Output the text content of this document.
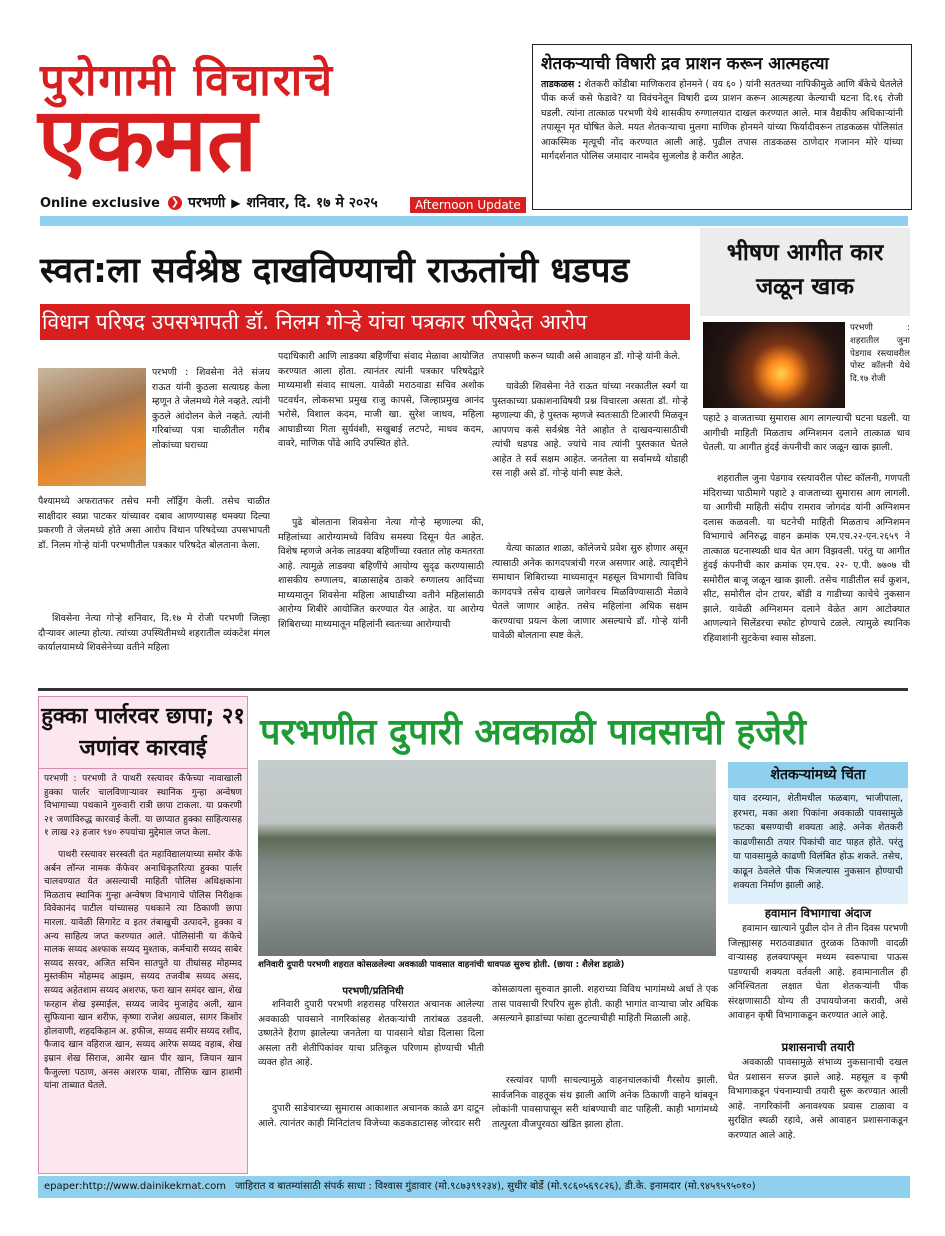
पुरोगामी विचाराचे
एकमत
Online exclusive ❯ परभणी ▶ शनिवार, दि. १७ मे २०२५	Afternoon Update
शेतकऱ्याची विषारी द्रव प्राशन करून आत्महत्या

ताडकळस : शेतकरी कोंडीबा माणिकराव होनमने ( वय ६० ) यांनी सततच्या नापिकीमुळे आणि बँकेचे घेतलेले पीक कर्ज कसे फेडावे? या विवंचनेतून विषारी द्रव्य प्राशन करून आत्महत्या केल्याची घटना दि.१६ रोजी घडली. त्यांना तात्काळ परभणी येथे शासकीय रुग्णालयात दाखल करण्यात आले. मात्र वैद्यकीय अधिकाऱ्यांनी तपासून मृत घोषित केले. मयत शेतकऱ्याचा मुलगा माणिक होनमने यांच्या फिर्यादीवरून ताडकळस पोलिसांत आकस्मिक मृत्यूची नोंद करण्यात आली आहे. पुढील तपास ताडकळस ठाणेदार गजानन मोरे यांच्या मार्गदर्शनात पोलिस जमादार नामदेव सुजलोड हे करीत आहेत.

स्वत:ला सर्वश्रेष्ठ दाखविण्याची राऊतांची धडपड
विधान परिषद उपसभापती डॉ. निलम गोऱ्हे यांचा पत्रकार परिषदेत आरोप
परभणी : शिवसेना नेते संजय राऊत यांनी कुठला सत्याग्रह केला म्हणून ते जेलमध्ये गेले नव्हते. त्यांनी कुठले आंदोलन केले नव्हते. त्यांनी गरिबांच्या पत्रा चाळीतील गरीब लोकांच्या घराच्या
पैश्यामध्ये अफरातफर तसेच मनी लॉड्रिंग केली. तसेच चाळीत साक्षीदार स्वप्ना पाटकर यांच्यावर दबाव आणण्यासह धमक्या दिल्या प्रकरणी ते जेलमध्ये होते असा आरोप विधान परिषदेच्या उपसभापती डॉ. निलम गोऱ्हे यांनी परभणीतील पत्रकार परिषदेत बोलताना केला.
शिवसेना नेत्या गोऱ्हे शनिवार, दि.१७ मे रोजी परभणी जिल्हा दौऱ्यावर आल्या होत्या. त्यांच्या उपस्थितीमध्ये शहरातील व्यंकटेश मंगल कार्यालयामध्ये शिवसेनेच्या वतीने महिला
पदाधिकारी आणि लाडक्या बहिणींचा संवाद मेळावा आयोजित करण्यात आला होता. त्यानंतर त्यांनी पत्रकार परिषदेद्वारे माध्यमाशी संवाद साधला. यावेळी मराठवाडा सचिव अशोक पटवर्धन, लोकसभा प्रमुख राजु कापसे, जिल्हाप्रमुख आनंद भरोसे, विशाल कदम, माजी खा. सुरेश जाधव, महिला आघाडीच्या गिता सुर्यवंशी, सखुबाई लटपटे, माधव कदम, वावरे, माणिक पोंढे आदि उपस्थित होते.
पुढे बोलताना शिवसेना नेत्या गोऱ्हे म्हणाल्या की, महिलांच्या आरोग्यामध्ये विविध समस्या दिसून येत आहेत. विशेष म्हणजे अनेक लाडक्या बहिणींच्या रक्तात लोह कमतरता आहे. त्यामुळे लाडक्या बहिणींचे आयोग्य सुदृढ करण्यासाठी शासकीय रुग्णालय, बाळासाहेब ठाकरे रुग्णालय आदिंच्या माध्यमातून शिवसेना महिला आघाडीच्या वतीने महिलांसाठी आरोग्य शिबीरे आयोजित करण्यात येत आहेत. या आरोग्य शिबिराच्या माध्यमातून महिलांनी स्वतःच्या आरोग्याची
तपासणी करून घ्यावी असे आवाहन डॉ. गोऱ्हे यांनी केले.
यावेळी शिवसेना नेते राऊत यांच्या नरकातील स्वर्ग या पुस्तकाच्या प्रकाशनाविषयी प्रश्न विचारला असता डॉ. गोऱ्हे म्हणाल्या की, हे पुस्तक म्हणजे स्वतःसाठी टिआरपी मिळवून आपणच कसे सर्वश्रेष्ठ नेते आहोत ते दाखवन्यासाठीची त्यांची धडपड आहे. ज्यांचे नाव त्यांनी पुस्तकात घेतले आहेत ते सर्व सक्षम आहेत. जनतेला या सर्वामध्ये थोडाही रस नाही असे डॉ. गोऱ्हे यांनी स्पष्ट केले.
येत्या काळात शाळा, कॉलेजचे प्रवेश सुरु होणार असून त्यासाठी अनेक कागदपत्रांची गरज असणार आहे. त्यादृष्टीने समाधान शिबिराच्या माध्यमातून महसूल विभागाची विविध कागदपत्रे तसेच दाखले जागेवरच मिळविण्यासाठी मेळावे घेतले जाणार आहेत. तसेच महिलांना अधिक सक्षम करण्याचा प्रयत्न केला जाणार असल्याचे डॉ. गोऱ्हे यांनी यावेळी बोलताना स्पष्ट केले.
भीषण आगीत कार जळून खाक
परभणी : शहरातील जुना पेडगाव रस्त्यावरील पोस्ट कॉलनी येथे दि.१७ रोजी
पहाटे ३ वाजताच्या सुमारास आग लागल्याची घटना घडली. या आगीची माहिती मिळताच अग्निशमन दलाने तात्काळ धाव घेतली. या आगीत हुंदई कंपनीची कार जळून खाक झाली.
शहरातील जुना पेडगाव रस्त्यावरील पोस्ट कॉलनी, गणपती मंदिराच्या पाठीमागे पहाटे ३ वाजताच्या सुमारास आग लागली. या आगीची माहिती संदीप रामराव जोगदंड यांनी अग्निशमन दलास कळवली. या घटनेची माहिती मिळताच अग्निशमन विभागाचे अनिरुद्ध वाहन क्रमांक एम.एच.२२-एन.२६५९ ने तात्काळ घटनास्थळी धाव घेत आग विझवली. परंतु या आगीत हुंदई कंपनीची कार क्रमांक एम.एच. २२- ए.पी. ७७०७ ची समोरील बाजू जळून खाक झाली. तसेच गाडीतील सर्व कुशन, सीट, समोरील दोन टायर, बॉडी व गाडीच्या काचेचे नुकसान झाले. यावेळी अग्निशमन दलाने वेळेत आग आटोक्यात आणल्याने सिलेंडरचा स्फोट होण्याचे टळले. त्यामुळे स्थानिक रहिवाशांनी सुटकेचा श्वास सोडला.
हुक्का पार्लरवर छापा; २१ जणांवर कारवाई
परभणी : परभणी ते पाथरी रस्त्यावर कॅफेच्या नावाखाली हुक्का पार्लर चालविणाऱ्यावर स्थानिक गुन्हा अन्वेषण विभागाच्या पथकाने गुरुवारी रात्री छापा टाकला. या प्रकरणी २१ जणांविरुद्ध कारवाई केली. या छाप्यात हुक्का साहित्यासह १ लाख २३ हजार ९४० रुपयांचा मुद्देमाल जप्त केला.
पाथरी रस्त्यावर सरस्वती दंत महाविद्यालयाच्या समोर कॅफे अर्बन लॉन्ज नामक कॅफेवर अनाधिकृतरित्या हुक्का पार्लर चालवण्यात येत असल्याची माहिती पोलिस अधिक्षकांना मिळताच स्थानिक गुन्हा अन्वेषण विभागाचे पोलिस निरीक्षक विवेकानंद पाटील यांच्यासह पथकाने त्या ठिकाणी छापा मारला. यावेळी सिगारेट व इतर तंबाखुची उत्पादने, हुक्का व अन्य साहित्य जप्त करण्यात आले. पोलिसांनी या कॅफेचे मालक सय्यद अश्फाक सय्यद मुश्ताक, कर्मचारी सय्यद साबेर सय्यद सरवर, अजित सचिन सातपुते या तीघांसह मोहम्मद मुस्तकीम मोहम्मद आझम, सय्यद तजवीब सय्यद असद, सय्यद अहेतशाम सय्यद अशरफ, फरा खान समंदर खान, शेख फरहान शेख इस्माईल, सय्यद जावेद मुजाहेद अली, खान सुफियाना खान शरीफ, कृष्णा राजेश अग्रवाल, सागर किशोर होलवाणी, शहदकिहान अ. हफीज, सय्यद समीर सय्यद रशीद, फैजाद खान वहिराज खान, सय्यद आरेफ सय्यद वहाब, शेख इम्रान शेख सिराज, आमेर खान पीर खान, जियान खान फैजुल्ला पठाण, अनस अशरफ याबा, तौसिफ खान हाशमी यांना ताब्यात घेतले.
परभणीत दुपारी अवकाळी पावसाची हजेरी
शनिवारी दुपारी परभणी शहरात कोसळलेल्या अवकाळी पावसात वाहनांची धावपळ सुरुच होती. (छाया : शैलेश डहाळे)
परभणी/प्रतिनिधी
शनिवारी दुपारी परभणी शहरासह परिसरात अचानक आलेल्या अवकाळी पावसाने नागरिकांसह शेतकऱ्यांची तारांबळ उडवली. उष्णतेने हैराण झालेल्या जनतेला या पावसाने थोडा दिलासा दिला असला तरी शेतीपिकांवर याचा प्रतिकूल परिणाम होण्याची भीती व्यक्त होत आहे.
दुपारी साडेचारच्या सुमारास आकाशात अचानक काळे ढग दाटून आले. त्यानंतर काही मिनिटांतच विजेच्या कडकडाटासह जोरदार सरी
कोसळायला सुरुवात झाली. शहराच्या विविध भागांमध्ये अर्धा ते एक तास पावसाची रिपरिप सुरू होती. काही भागांत वाऱ्याचा जोर अधिक असल्याने झाडांच्या फांद्या तुटल्याचीही माहिती मिळाली आहे.
रस्त्यांवर पाणी साचल्यामुळे वाहनचालकांची गैरसोय झाली. सार्वजनिक वाहतूक संथ झाली आणि अनेक ठिकाणी वाहने थांबवून लोकांनी पावसापासून सरी थांबण्याची वाट पाहिली. काही भागांमध्ये तात्पुरता वीजपुरवठा खंडित झाला होता.
शेतकऱ्यांमध्ये चिंता
याव दरम्यान, शेतीमधील फळबाग, भाजीपाला, हरभरा, मका अशा पिकांना अवकाळी पावसामुळे फटका बसण्याची शक्यता आहे. अनेक शेतकरी काढणीसाठी तयार पिकांची वाट पाहत होते. परंतु या पावसामुळे काढणी विलंबित होऊ शकते. तसेच, काढून ठेवलेले पीक भिजल्यास नुकसान होण्याची शक्यता निर्माण झाली आहे.
हवामान विभागाचा अंदाज
हवामान खात्याने पुढील दोन ते तीन दिवस परभणी जिल्ह्यासह मराठवाड्यात तुरळक ठिकाणी वादळी वाऱ्यासह हलक्याफ्सून मध्यम स्वरूपाचा पाऊस पडण्याची शक्यता वर्तवली आहे. हवामानातील ही अनिश्चितता लक्षात घेता शेतकऱ्यांनी पीक संरक्षणासाठी योग्य ती उपाययोजना करावी, असे आवाहन कृषी विभागाकडून करण्यात आले आहे.
प्रशासनाची तयारी
अवकाळी पावसामुळे संभाव्य नुकसानाची दखल घेत प्रशासन सज्ज झाले आहे. महसूल व कृषी विभागाकडून पंचनाम्याची तयारी सुरू करण्यात आली आहे. नागरिकांनी अनावश्यक प्रवास टाळावा व सुरक्षित स्थळी रहावे, असे आवाहन प्रशासनाकडून करण्यात आले आहे.
epaper:http://www.dainikekmat.com जाहिरात व बातम्यांसाठी संपर्क साधा : विश्वास गुंडावार (मो.९८७३९९२३४), सुधीर बोर्डे (मो.९८६०५६९८२६), डी.के. इनामदार (मो.९४५९५९५०१०)
